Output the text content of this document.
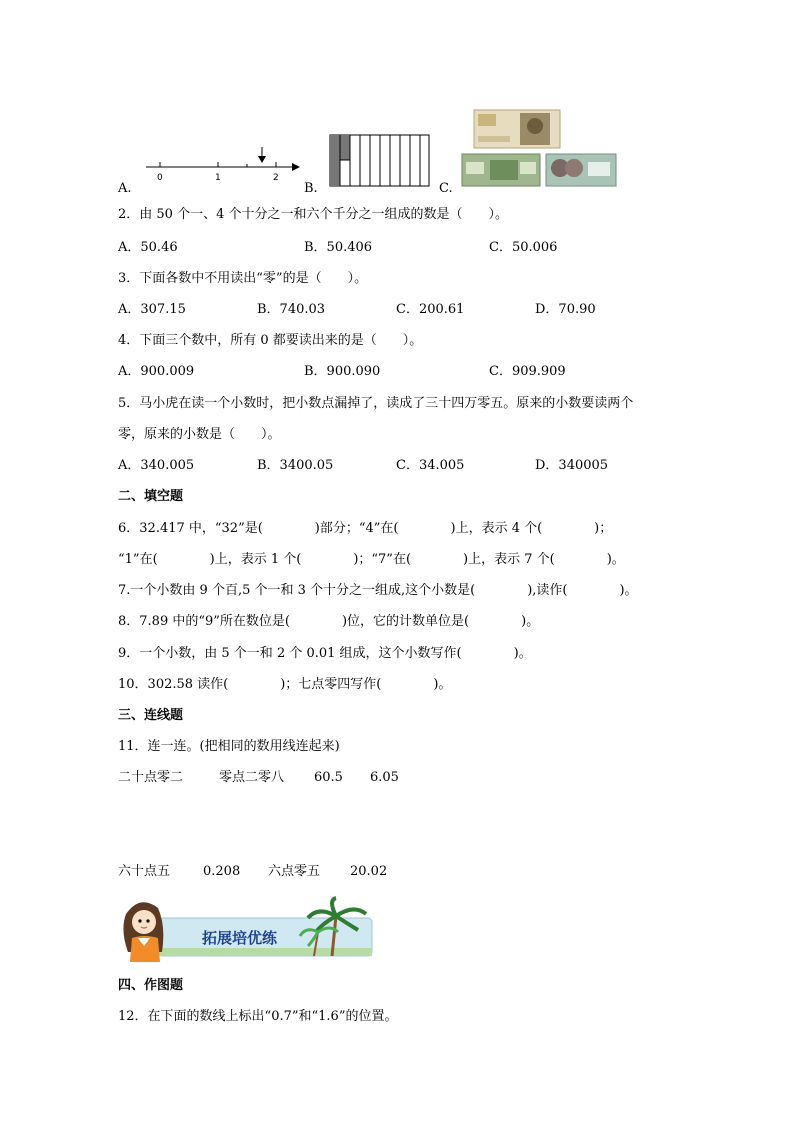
A.
0	1	2
B.	C.
2．由 50 个一、4 个十分之一和六个千分之一组成的数是（　　）。
A．50.46	B．50.406	C．50.006
3．下面各数中不用读出“零”的是（　　）。
A．307.15	B．740.03	C．200.61	D．70.90
4．下面三个数中，所有 0 都要读出来的是（　　）。
A．900.009	B．900.090	C．909.909
5．马小虎在读一个小数时，把小数点漏掉了，读成了三十四万零五。原来的小数要读两个
零，原来的小数是（　　）。
A．340.005	B．3400.05	C．34.005	D．340005
二、填空题
6．32.417 中，“32”是(　　　　)部分；“4”在(　　　　)上，表示 4 个(　　　　)；
“1”在(　　　　)上，表示 1 个(　　　　)；“7”在(　　　　)上，表示 7 个(　　　　)。
7.一个小数由 9 个百,5 个一和 3 个十分之一组成,这个小数是(　　　　),读作(　　　　)。
8．7.89 中的“9”所在数位是(　　　　)位，它的计数单位是(　　　　)。
9．一个小数，由 5 个一和 2 个 0.01 组成，这个小数写作(　　　　)。
10．302.58 读作(　　　　)；七点零四写作(　　　　)。
三、连线题
11．连一连。(把相同的数用线连起来)
二十点零二	零点二零八 60.5 6.05
六十点五	0.208 六点零五 20.02
拓展培优练
四、作图题
12．在下面的数线上标出“0.7”和“1.6”的位置。
